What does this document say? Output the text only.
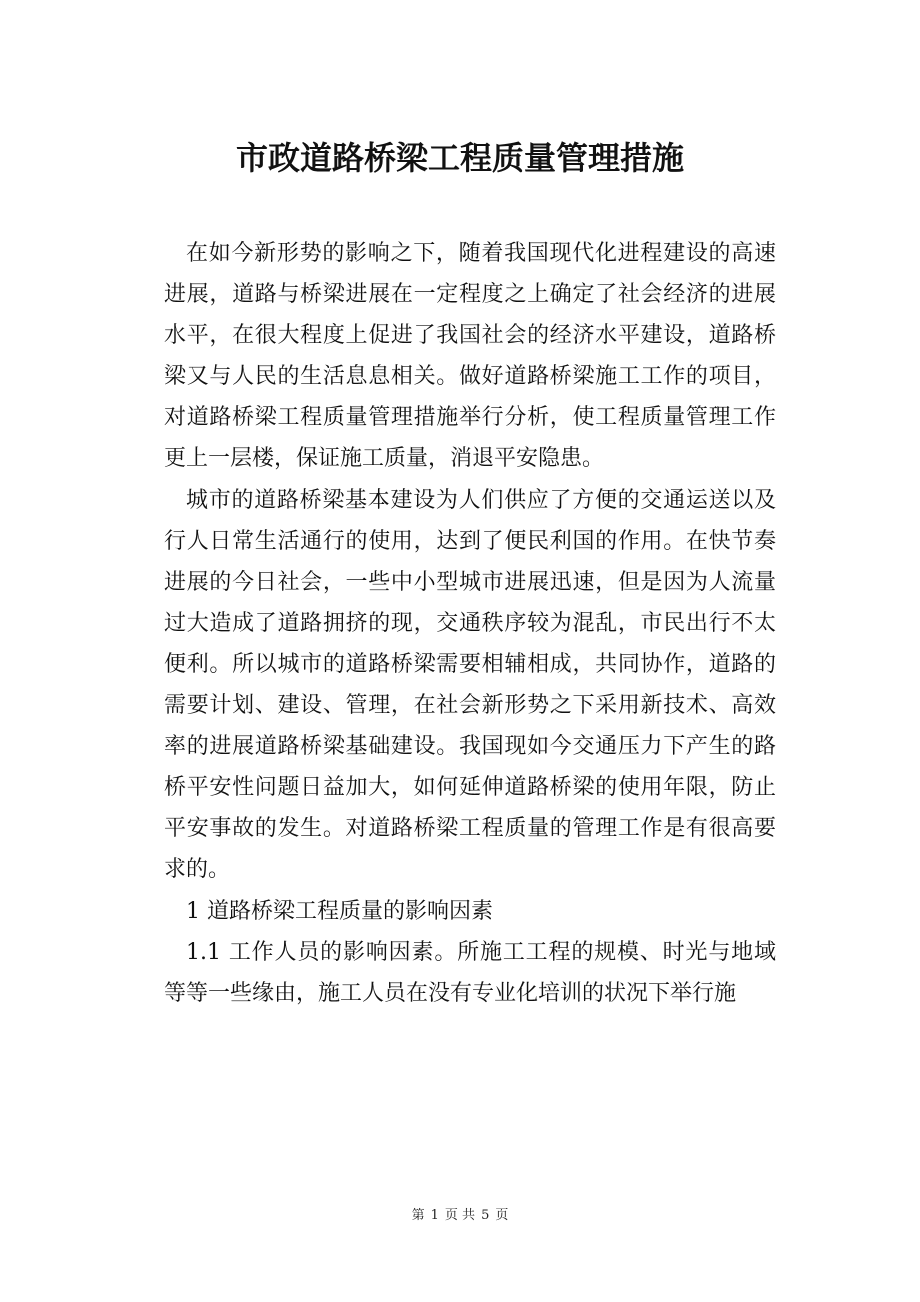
市政道路桥梁工程质量管理措施

在如今新形势的影响之下，随着我国现代化进程建设的高速进展，道路与桥梁进展在一定程度之上确定了社会经济的进展水平，在很大程度上促进了我国社会的经济水平建设，道路桥梁又与人民的生活息息相关。做好道路桥梁施工工作的项目，对道路桥梁工程质量管理措施举行分析，使工程质量管理工作更上一层楼，保证施工质量，消退平安隐患。

城市的道路桥梁基本建设为人们供应了方便的交通运送以及行人日常生活通行的使用，达到了便民利国的作用。在快节奏进展的今日社会，一些中小型城市进展迅速，但是因为人流量过大造成了道路拥挤的现，交通秩序较为混乱，市民出行不太便利。所以城市的道路桥梁需要相辅相成，共同协作，道路的需要计划、建设、管理，在社会新形势之下采用新技术、高效率的进展道路桥梁基础建设。我国现如今交通压力下产生的路桥平安性问题日益加大，如何延伸道路桥梁的使用年限，防止平安事故的发生。对道路桥梁工程质量的管理工作是有很高要求的。

1 道路桥梁工程质量的影响因素

1.1 工作人员的影响因素。所施工工程的规模、时光与地域等等一些缘由，施工人员在没有专业化培训的状况下举行施

第 1 页 共 5 页
